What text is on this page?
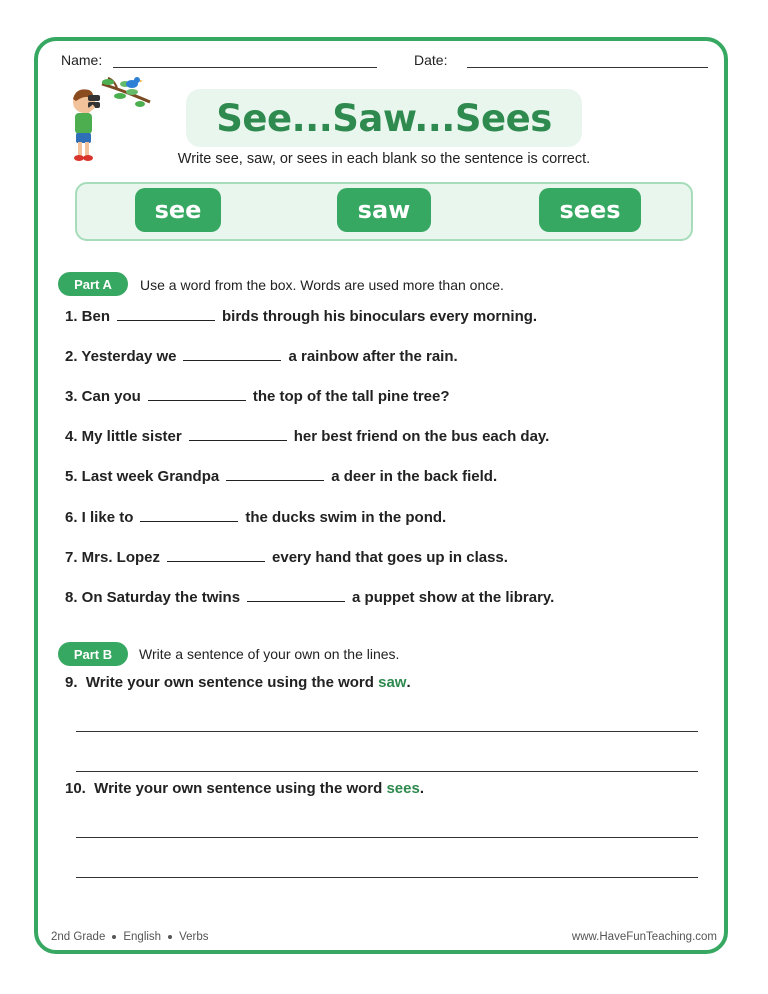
Name:	Date:
See...Saw...Sees
Write see, saw, or sees in each blank so the sentence is correct.
see	saw	sees
Part A	Use a word from the box. Words are used more than once.
1. Ben	birds through his binoculars every morning.
2. Yesterday we	a rainbow after the rain.
3. Can you	the top of the tall pine tree?
4. My little sister	her best friend on the bus each day.
5. Last week Grandpa	a deer in the back field.
6. I like to	the ducks swim in the pond.
7. Mrs. Lopez	every hand that goes up in class.
8. On Saturday the twins	a puppet show at the library.
Part B	Write a sentence of your own on the lines.
9.  Write your own sentence using the word saw .
10.  Write your own sentence using the word sees .
2nd Grade English Verbs	www.HaveFunTeaching.com
